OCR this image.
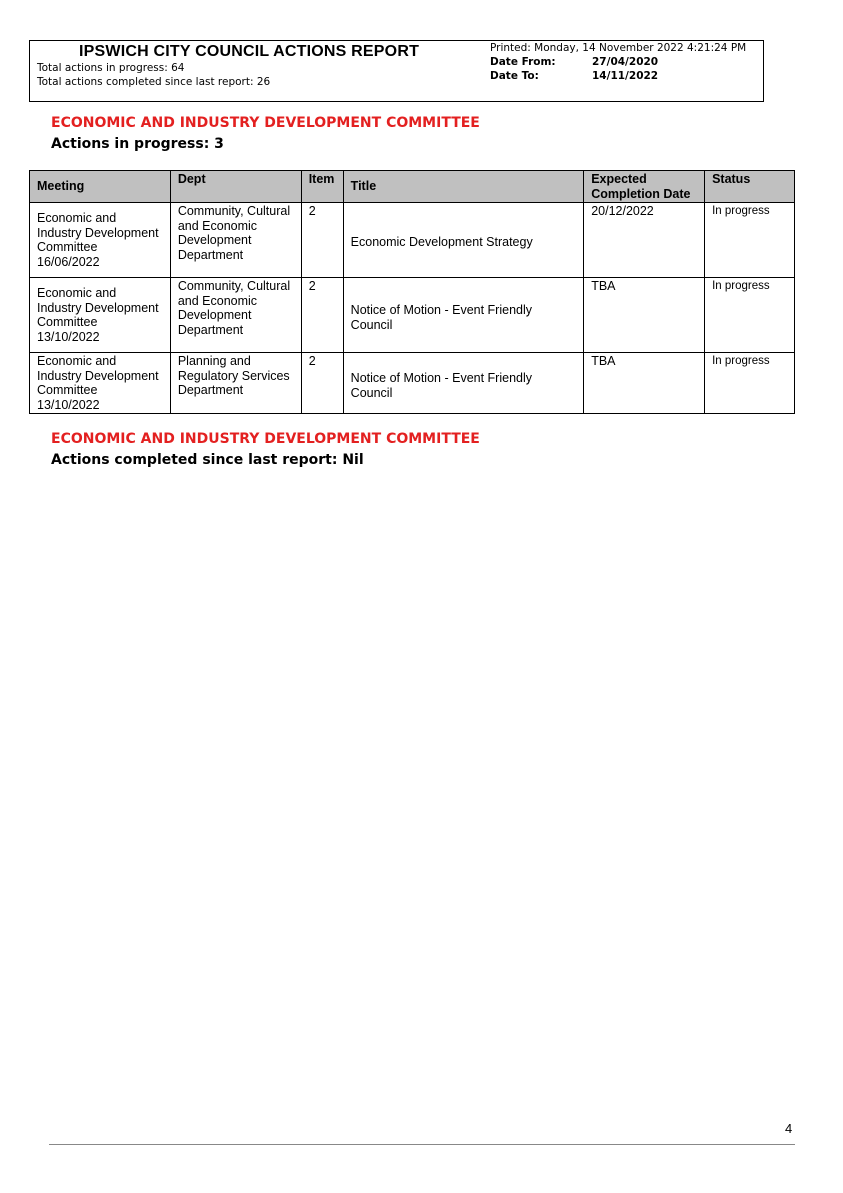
IPSWICH CITY COUNCIL ACTIONS REPORT
Total actions in progress: 64
Total actions completed since last report: 26
Printed: Monday, 14 November 2022 4:21:24 PM
Date From:	27/04/2020
Date To:	14/11/2022
ECONOMIC AND INDUSTRY DEVELOPMENT COMMITTEE
Actions in progress: 3
Meeting	Dept	Item	Title	Expected Completion Date	Status
Economic and Industry Development Committee 16/06/2022	Community, Cultural and Economic Development Department	2	Economic Development Strategy	20/12/2022	In progress
Economic and Industry Development Committee 13/10/2022	Community, Cultural and Economic Development Department	2	Notice of Motion - Event Friendly Council	TBA	In progress
Economic and Industry Development Committee 13/10/2022	Planning and Regulatory Services Department	2	Notice of Motion - Event Friendly Council	TBA	In progress
ECONOMIC AND INDUSTRY DEVELOPMENT COMMITTEE
Actions completed since last report: Nil
4
